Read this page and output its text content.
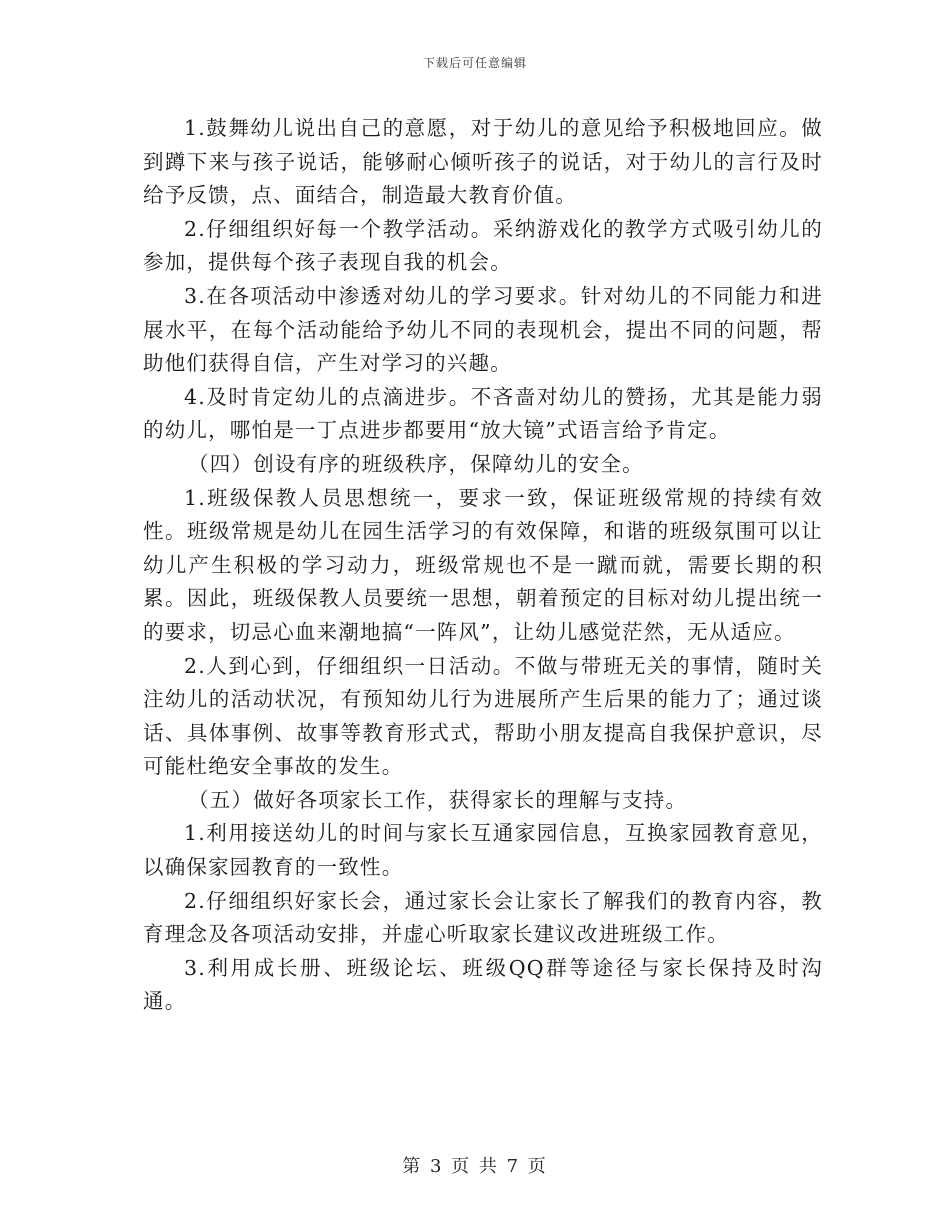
下载后可任意编辑

1.鼓舞幼儿说出自己的意愿，对于幼儿的意见给予积极地回应。做到蹲下来与孩子说话，能够耐心倾听孩子的说话，对于幼儿的言行及时给予反馈，点、面结合，制造最大教育价值。

2.仔细组织好每一个教学活动。采纳游戏化的教学方式吸引幼儿的参加，提供每个孩子表现自我的机会。

3.在各项活动中渗透对幼儿的学习要求。针对幼儿的不同能力和进展水平，在每个活动能给予幼儿不同的表现机会，提出不同的问题，帮助他们获得自信，产生对学习的兴趣。

4.及时肯定幼儿的点滴进步。不吝啬对幼儿的赞扬，尤其是能力弱的幼儿，哪怕是一丁点进步都要用“放大镜”式语言给予肯定。

（四）创设有序的班级秩序，保障幼儿的安全。

1.班级保教人员思想统一，要求一致，保证班级常规的持续有效性。班级常规是幼儿在园生活学习的有效保障，和谐的班级氛围可以让幼儿产生积极的学习动力，班级常规也不是一蹴而就，需要长期的积累。因此，班级保教人员要统一思想，朝着预定的目标对幼儿提出统一的要求，切忌心血来潮地搞“一阵风”，让幼儿感觉茫然，无从适应。

2.人到心到，仔细组织一日活动。不做与带班无关的事情，随时关注幼儿的活动状况，有预知幼儿行为进展所产生后果的能力了；通过谈话、具体事例、故事等教育形式式，帮助小朋友提高自我保护意识，尽可能杜绝安全事故的发生。

（五）做好各项家长工作，获得家长的理解与支持。

1.利用接送幼儿的时间与家长互通家园信息，互换家园教育意见，以确保家园教育的一致性。

2.仔细组织好家长会，通过家长会让家长了解我们的教育内容，教育理念及各项活动安排，并虚心听取家长建议改进班级工作。

3.利用成长册、班级论坛、班级QQ群等途径与家长保持及时沟通。

第 3 页 共 7 页
